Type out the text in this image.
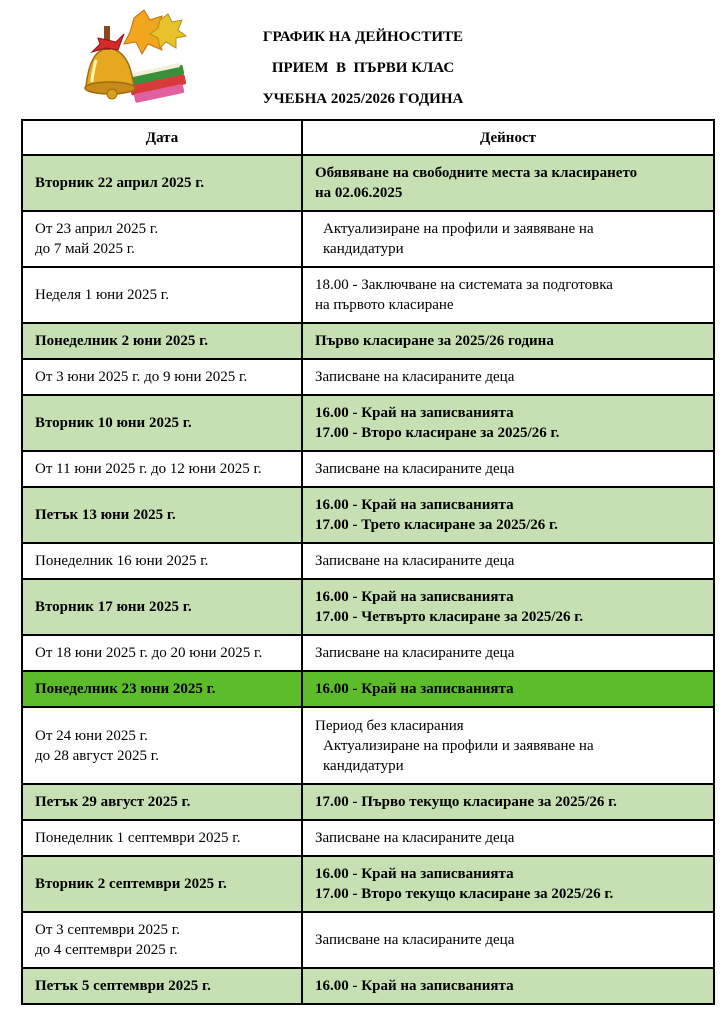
ГРАФИК НА ДЕЙНОСТИТЕ
ПРИЕМ  В  ПЪРВИ КЛАС
УЧЕБНА 2025/2026 ГОДИНА
Дата	Дейност

Вторник 22 април 2025 г.	Обявяване на свободните места за класирането
на 02.06.2025

От 23 април 2025 г.
до 7 май 2025 г.	Актуализиране на профили и заявяване на
кандидатури

Неделя 1 юни 2025 г.	18.00 - Заключване на системата за подготовка
на първото класиране

Понеделник 2 юни 2025 г.	Първо класиране за 2025/26 година

От 3 юни 2025 г. до 9 юни 2025 г.	Записване на класираните деца

Вторник 10 юни 2025 г.	16.00 - Край на записванията
17.00 - Второ класиране за 2025/26 г.

От 11 юни 2025 г. до 12 юни 2025 г.	Записване на класираните деца

Петък 13 юни 2025 г.	16.00 - Край на записванията
17.00 - Трето класиране за 2025/26 г.

Понеделник 16 юни 2025 г.	Записване на класираните деца

Вторник 17 юни 2025 г.	16.00 - Край на записванията
17.00 - Четвърто класиране за 2025/26 г.

От 18 юни 2025 г. до 20 юни 2025 г.	Записване на класираните деца

Понеделник 23 юни 2025 г.	16.00 - Край на записванията

От 24 юни 2025 г.
до 28 август 2025 г.	Период без класирания
Актуализиране на профили и заявяване на
кандидатури

Петък 29 август 2025 г.	17.00 - Първо текущо класиране за 2025/26 г.

Понеделник 1 септември 2025 г.	Записване на класираните деца

Вторник 2 септември 2025 г.	16.00 - Край на записванията
17.00 - Второ текущо класиране за 2025/26 г.

От 3 септември 2025 г.
до 4 септември 2025 г.	Записване на класираните деца

Петък 5 септември 2025 г.	16.00 - Край на записванията
